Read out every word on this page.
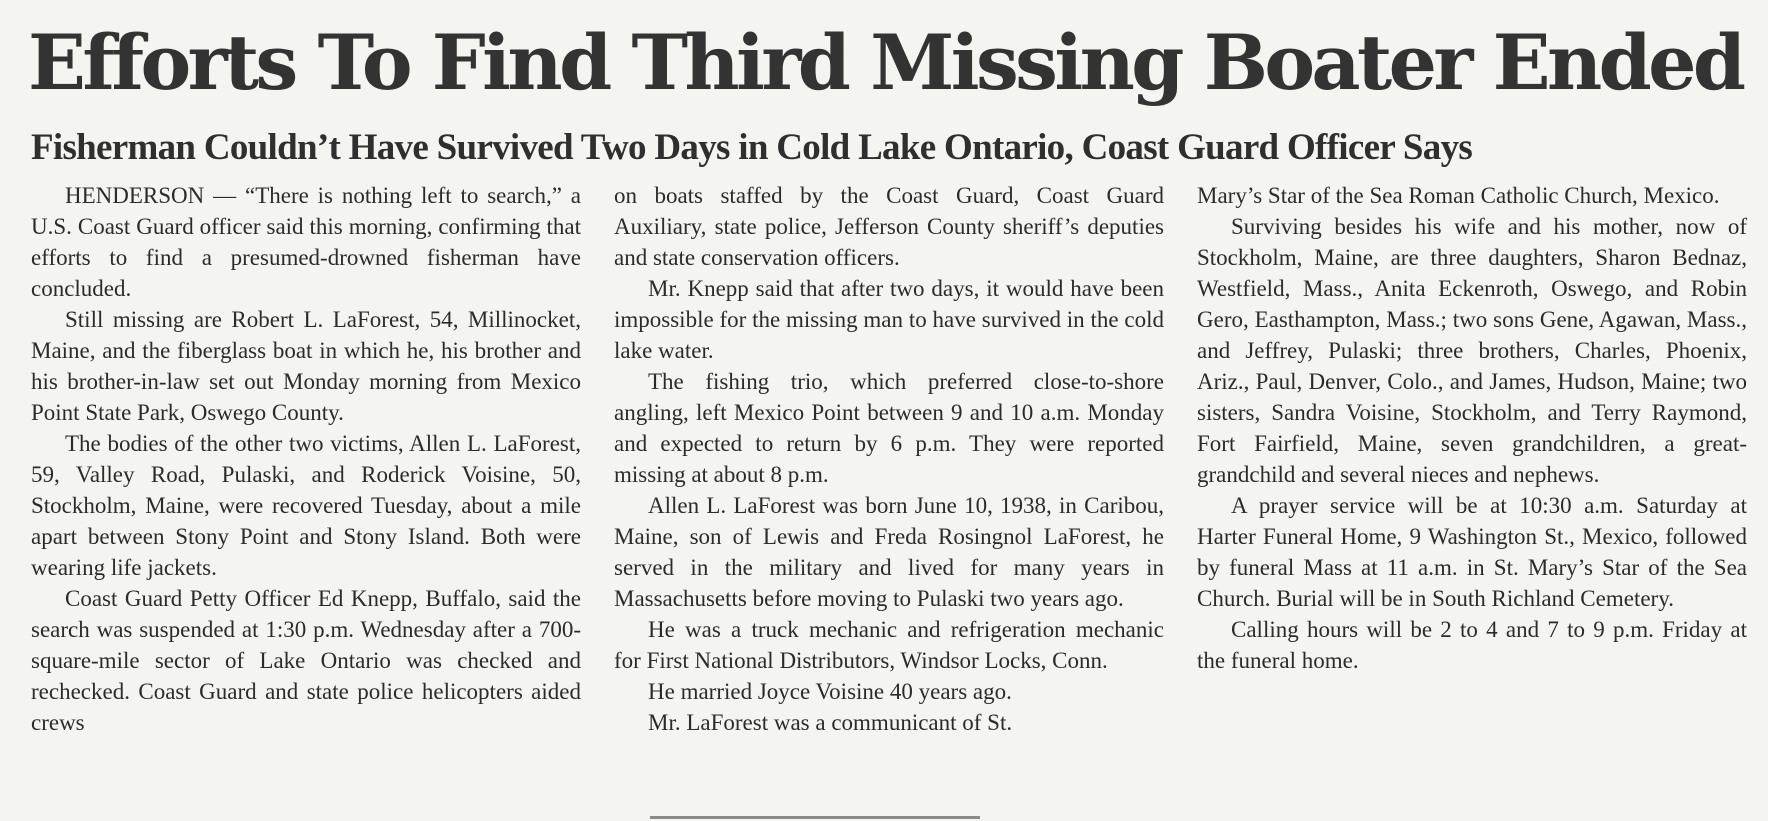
Efforts To Find Third Missing Boater Ended
Fisherman Couldn’t Have Survived Two Days in Cold Lake Ontario, Coast Guard Officer Says

HENDERSON — “There is nothing left to search,” a U.S. Coast Guard officer said this morning, confirming that efforts to find a presumed-drowned fisherman have concluded.

Still missing are Robert L. LaForest, 54, Millinocket, Maine, and the fiberglass boat in which he, his brother and his brother-in-law set out Monday morning from Mexico Point State Park, Oswego County.

The bodies of the other two victims, Allen L. LaForest, 59, Valley Road, Pulaski, and Roderick Voisine, 50, Stockholm, Maine, were recovered Tuesday, about a mile apart between Stony Point and Stony Island. Both were wearing life jackets.

Coast Guard Petty Officer Ed Knepp, Buffalo, said the search was suspended at 1:30 p.m. Wednesday after a 700-square-mile sector of Lake Ontario was checked and rechecked. Coast Guard and state police helicopters aided crews

on boats staffed by the Coast Guard, Coast Guard Auxiliary, state police, Jefferson County sheriff’s deputies and state conservation officers.

Mr. Knepp said that after two days, it would have been impossible for the missing man to have survived in the cold lake water.

The fishing trio, which preferred close-to-shore angling, left Mexico Point between 9 and 10 a.m. Monday and expected to return by 6 p.m. They were reported missing at about 8 p.m.

Allen L. LaForest was born June 10, 1938, in Caribou, Maine, son of Lewis and Freda Rosingnol LaForest, he served in the military and lived for many years in Massachusetts before moving to Pulaski two years ago.

He was a truck mechanic and refrigeration mechanic for First National Distributors, Windsor Locks, Conn.

He married Joyce Voisine 40 years ago.

Mr. LaForest was a communicant of St.

Mary’s Star of the Sea Roman Catholic Church, Mexico.

Surviving besides his wife and his mother, now of Stockholm, Maine, are three daughters, Sharon Bednaz, Westfield, Mass., Anita Eckenroth, Oswego, and Robin Gero, Easthampton, Mass.; two sons Gene, Agawan, Mass., and Jeffrey, Pulaski; three brothers, Charles, Phoenix, Ariz., Paul, Denver, Colo., and James, Hudson, Maine; two sisters, Sandra Voisine, Stockholm, and Terry Raymond, Fort Fairfield, Maine, seven grandchildren, a great-grandchild and several nieces and nephews.

A prayer service will be at 10:30 a.m. Saturday at Harter Funeral Home, 9 Washington St., Mexico, followed by funeral Mass at 11 a.m. in St. Mary’s Star of the Sea Church. Burial will be in South Richland Cemetery.

Calling hours will be 2 to 4 and 7 to 9 p.m. Friday at the funeral home.
